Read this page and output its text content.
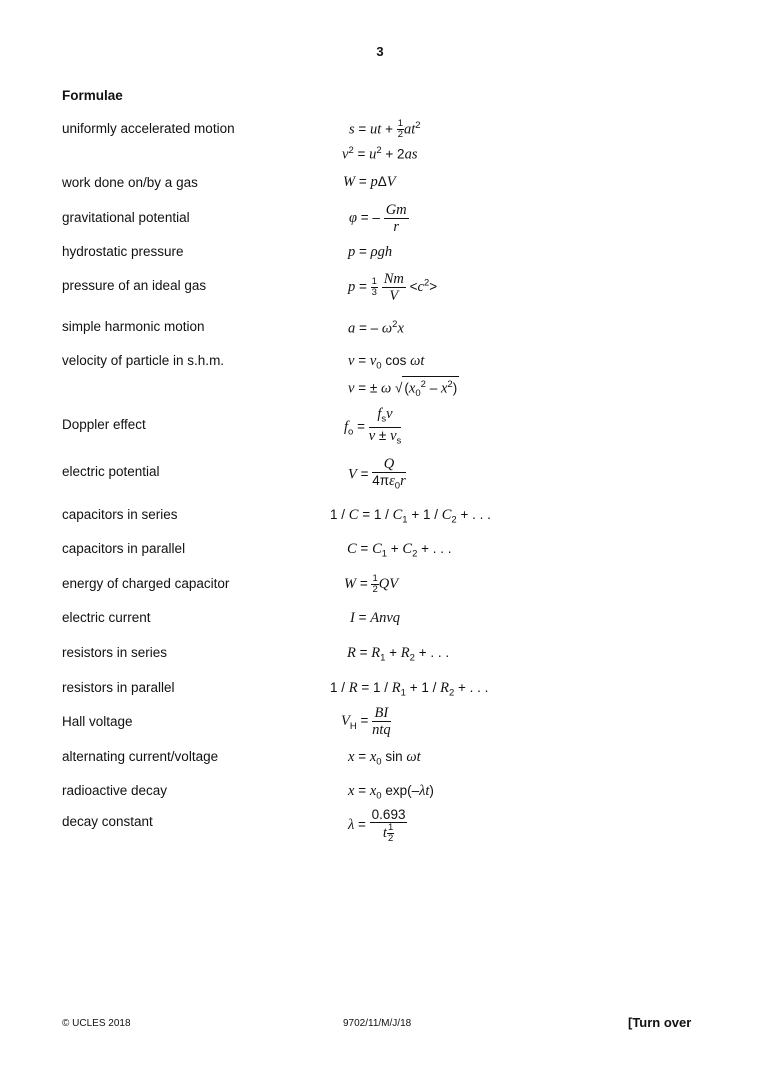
3
Formulae
uniformly accelerated motion
work done on/by a gas
gravitational potential
hydrostatic pressure
pressure of an ideal gas
simple harmonic motion
velocity of particle in s.h.m.
Doppler effect
electric potential
capacitors in series
capacitors in parallel
energy of charged capacitor
electric current
resistors in series
resistors in parallel
Hall voltage
alternating current/voltage
radioactive decay
decay constant
s = ut + $\frac{1}{2} at^2$
$v^2 = u^2 + 2as$
W = pΔV
φ = – $\frac{Gm}{r}$
p = ρgh
$p = \frac{1}{3}$
$\frac{Nm}{V} <c^2>$
a = – $\omega^2x$
$v = v_0$ cos ωt
v = ± ω √ $(x_0^2 - x^2)$
$f_o = \frac{f_sv}{v \pm v_s}$
$V = \frac{Q}{4\pi\varepsilon_0r}$
$1 / C = 1 / C_1 + 1 / C_2$ + . . .
$C = C_1 + C_2$ + . . .
$W = \frac{1}{2}$ QV
I = Anvq
$R = R_1 + R_2$ + . . .
$1 / R = 1 / R_1 + 1 / R_2$ + . . .
$V_H = \frac{BI}{\text{ntq}}$
$x = x_0$ sin ωt
$x = x_0$ exp(–λt)
$\lambda = \frac{0.693}{t \frac{1}{2}}$
© UCLES 2018	9702/11/M/J/18	[Turn over
